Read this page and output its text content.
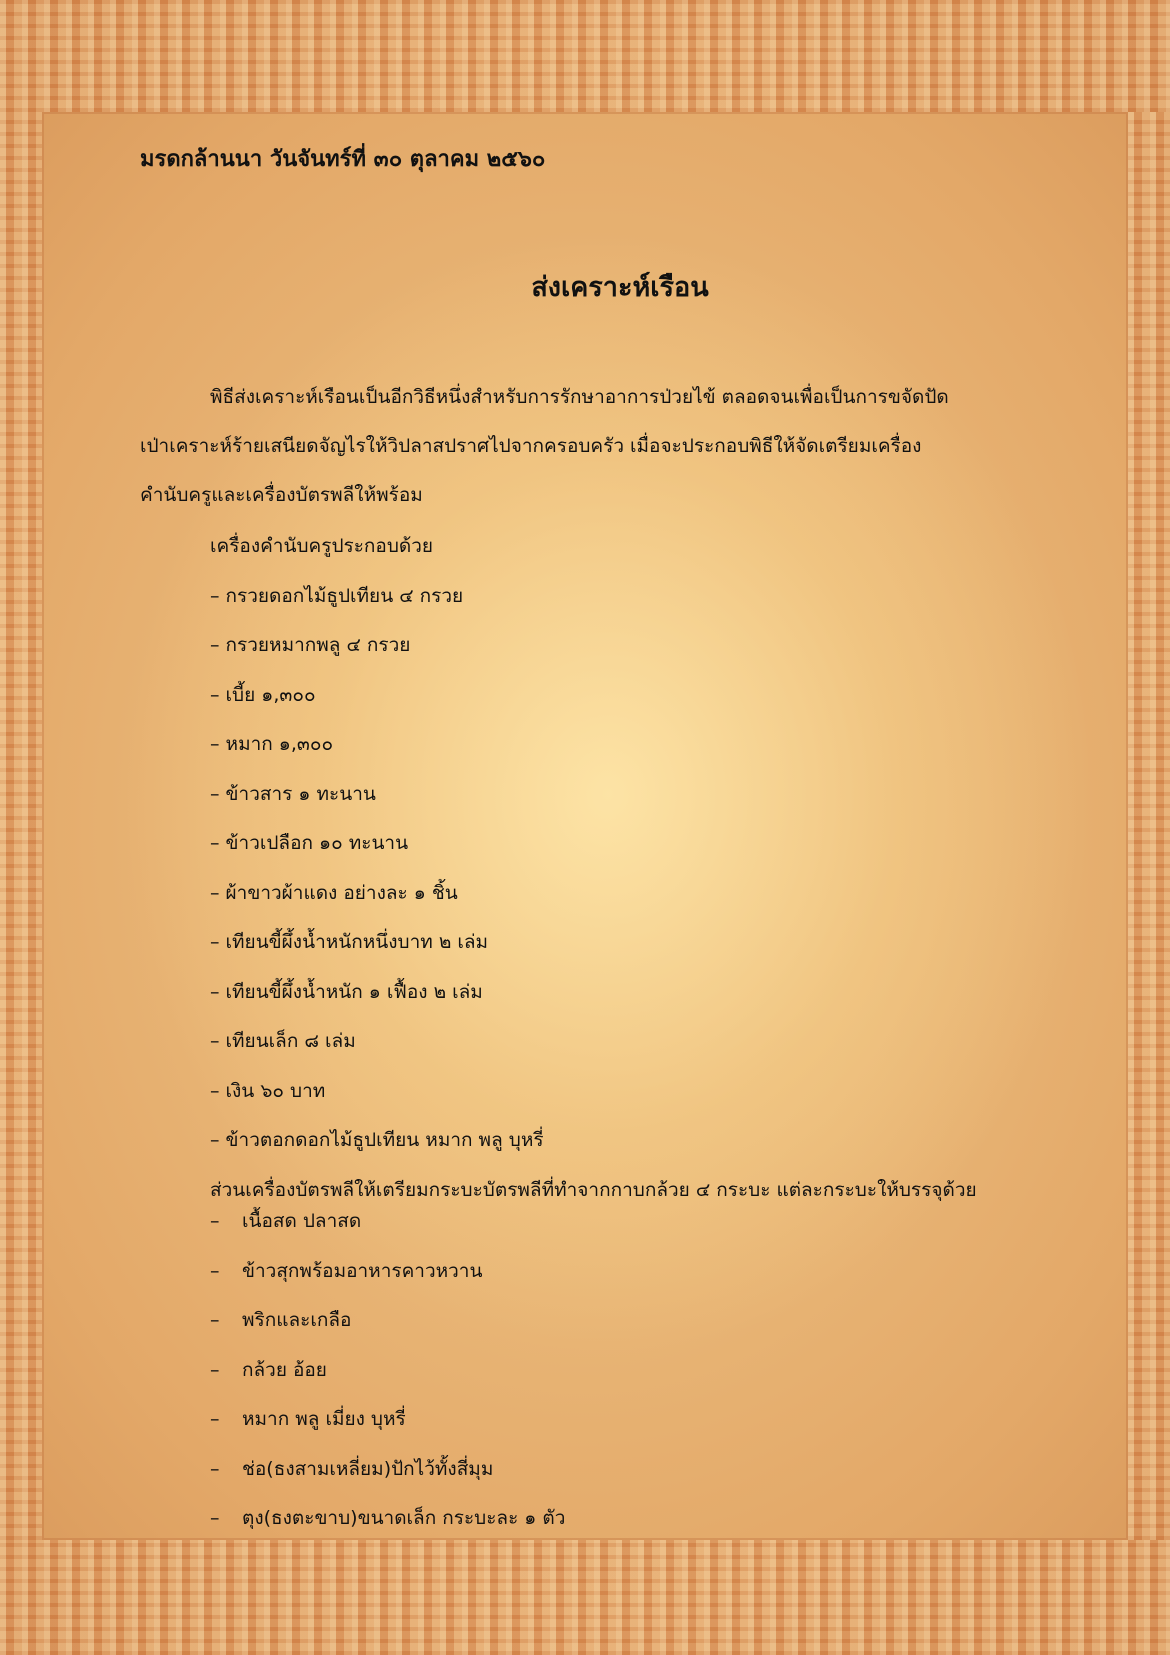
มรดกล้านนา วันจันทร์ที่ ๓๐ ตุลาคม ๒๕๖๐

ส่งเคราะห์เรือน

พิธีส่งเคราะห์เรือนเป็นอีกวิธีหนึ่งสำหรับการรักษาอาการป่วยไข้ ตลอดจนเพื่อเป็นการขจัดปัด
เป่าเคราะห์ร้ายเสนียดจัญไรให้วิปลาสปราศไปจากครอบครัว เมื่อจะประกอบพิธีให้จัดเตรียมเครื่อง
คำนับครูและเครื่องบัตรพลีให้พร้อม

เครื่องคำนับครูประกอบด้วย
– กรวยดอกไม้ธูปเทียน ๔ กรวย
– กรวยหมากพลู ๔ กรวย
– เบี้ย ๑,๓๐๐
– หมาก ๑,๓๐๐
– ข้าวสาร ๑ ทะนาน
– ข้าวเปลือก ๑๐ ทะนาน
– ผ้าขาวผ้าแดง อย่างละ ๑ ชิ้น
– เทียนขี้ผึ้งน้ำหนักหนึ่งบาท ๒ เล่ม
– เทียนขี้ผึ้งน้ำหนัก ๑ เฟื้อง ๒ เล่ม
– เทียนเล็ก ๘ เล่ม
– เงิน ๖๐ บาท
– ข้าวตอกดอกไม้ธูปเทียน หมาก พลู บุหรี่
ส่วนเครื่องบัตรพลีให้เตรียมกระบะบัตรพลีที่ทำจากกาบกล้วย ๔ กระบะ แต่ละกระบะให้บรรจุด้วย
– เนื้อสด ปลาสด
– ข้าวสุกพร้อมอาหารคาวหวาน
– พริกและเกลือ
– กล้วย อ้อย
– หมาก พลู เมี่ยง บุหรี่
– ช่อ(ธงสามเหลี่ยม)ปักไว้ทั้งสี่มุม
– ตุง(ธงตะขาบ)ขนาดเล็ก กระบะละ ๑ ตัว
